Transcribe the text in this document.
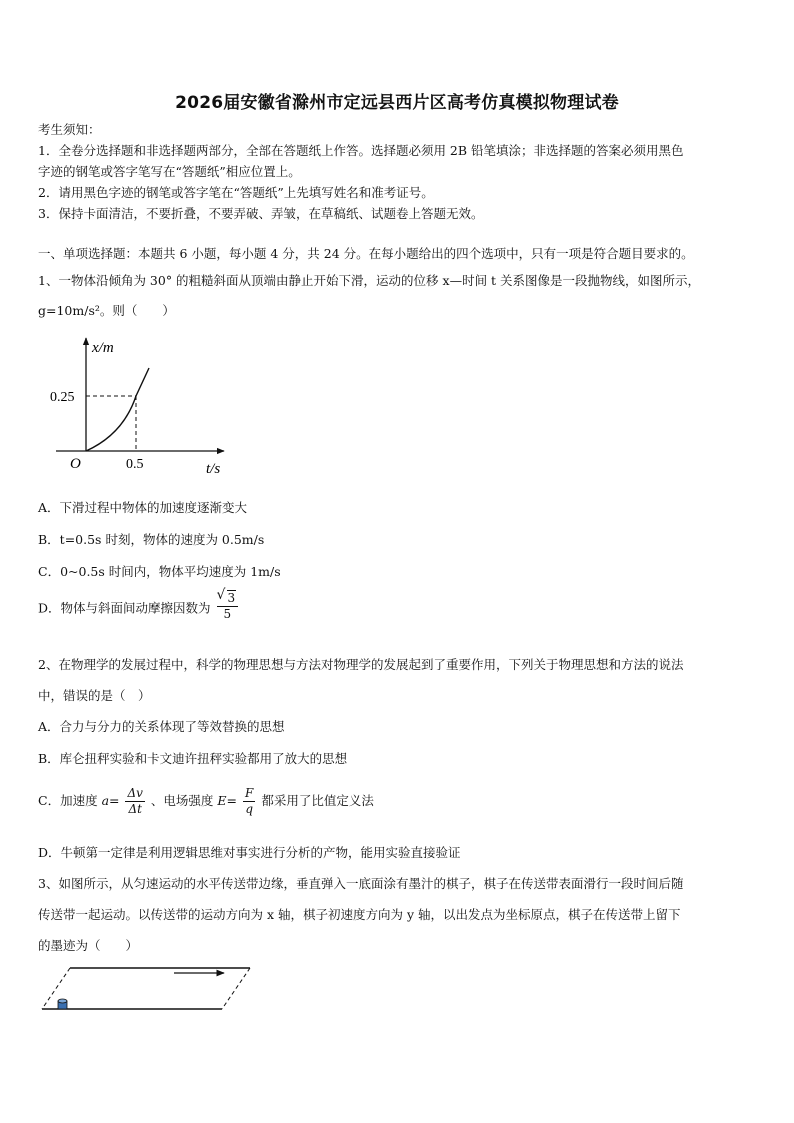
2026届安徽省滁州市定远县西片区高考仿真模拟物理试卷
考生须知：
1．全卷分选择题和非选择题两部分，全部在答题纸上作答。选择题必须用 2B 铅笔填涂；非选择题的答案必须用黑色
字迹的钢笔或答字笔写在“答题纸”相应位置上。
2．请用黑色字迹的钢笔或答字笔在“答题纸”上先填写姓名和准考证号。
3．保持卡面清洁，不要折叠，不要弄破、弄皱，在草稿纸、试题卷上答题无效。
一、单项选择题：本题共 6 小题，每小题 4 分，共 24 分。在每小题给出的四个选项中，只有一项是符合题目要求的。
1、一物体沿倾角为 30° 的粗糙斜面从顶端由静止开始下滑，运动的位移 x—时间 t 关系图像是一段抛物线，如图所示，
g=10m/s²。则（　　）
x/m
0.25
O	0.5	t/s
A．下滑过程中物体的加速度逐渐变大
B．t=0.5s 时刻，物体的速度为 0.5m/s
C．0~0.5s 时间内，物体平均速度为 1m/s
D．物体与斜面间动摩擦因数为
√ $\frac{3}{5}$
2、在物理学的发展过程中，科学的物理思想与方法对物理学的发展起到了重要作用，下列关于物理思想和方法的说法
中，错误的是（　）
A．合力与分力的关系体现了等效替换的思想
B．库仑扭秤实验和卡文迪许扭秤实验都用了放大的思想
C．加速度 $a= \frac{\Delta v}{\Delta t}$ 、电场强度 $E= \frac{F}{q}$ 都采用了比值定义法
D．牛顿第一定律是利用逻辑思维对事实进行分析的产物，能用实验直接验证
3、如图所示，从匀速运动的水平传送带边缘，垂直弹入一底面涂有墨汁的棋子，棋子在传送带表面滑行一段时间后随
传送带一起运动。以传送带的运动方向为 x 轴，棋子初速度方向为 y 轴，以出发点为坐标原点，棋子在传送带上留下
的墨迹为（　　）
